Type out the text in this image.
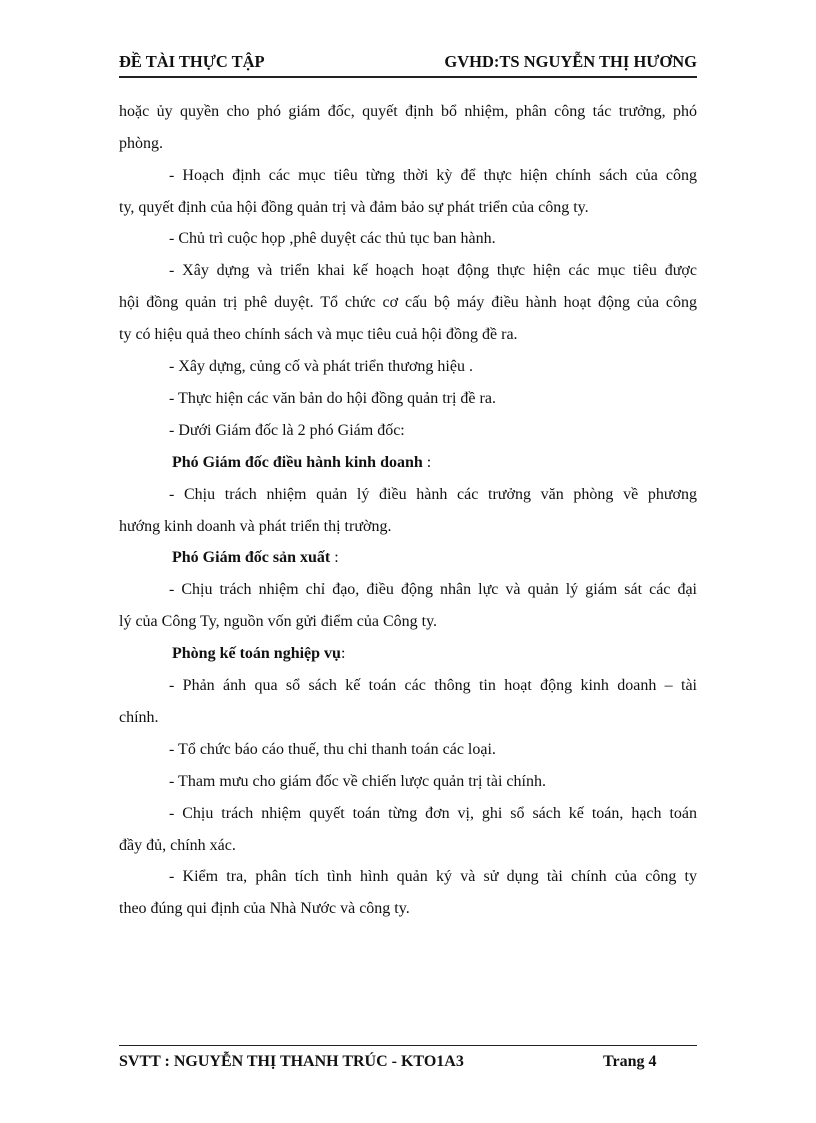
ĐỀ TÀI THỰC TẬP	GVHD:TS NGUYỄN THỊ HƯƠNG
hoặc ủy quyền cho phó giám đốc, quyết định bổ nhiệm, phân công tác trưởng, phó
phòng.
- Hoạch định các mục tiêu từng thời kỳ để thực hiện chính sách của công
ty, quyết định của hội đồng quản trị và đảm bảo sự phát triển của công ty.
- Chủ trì cuộc họp ,phê duyệt các thủ tục ban hành.
- Xây dựng và triển khai kế hoạch hoạt động thực hiện các mục tiêu được
hội đồng quản trị phê duyệt. Tổ chức cơ cấu bộ máy điều hành hoạt động của công
ty có hiệu quả theo chính sách và mục tiêu cuả hội đồng đề ra.
- Xây dựng, củng cố và phát triển thương hiệu .
- Thực hiện các văn bản do hội đồng quản trị đề ra.
- Dưới Giám đốc là 2 phó Giám đốc:
Phó Giám đốc điều hành kinh doanh :
- Chịu trách nhiệm quản lý điều hành các trưởng văn phòng về phương
hướng kinh doanh và phát triển thị trường.
Phó Giám đốc sản xuất :
- Chịu trách nhiệm chỉ đạo, điều động nhân lực và quản lý giám sát các đại
lý của Công Ty, nguồn vốn gửi điểm của Công ty.
Phòng kế toán nghiệp vụ:
- Phản ánh qua sổ sách kế toán các thông tin hoạt động kinh doanh – tài
chính.
- Tổ chức báo cáo thuế, thu chi thanh toán các loại.
- Tham mưu cho giám đốc về chiến lược quản trị tài chính.
- Chịu trách nhiệm quyết toán từng đơn vị, ghi sổ sách kế toán, hạch toán
đầy đủ, chính xác.
- Kiểm tra, phân tích tình hình quản ký và sử dụng tài chính của công ty
theo đúng qui định của Nhà Nước và công ty.
SVTT : NGUYỄN THỊ THANH TRÚC - KTO1A3	Trang 4
